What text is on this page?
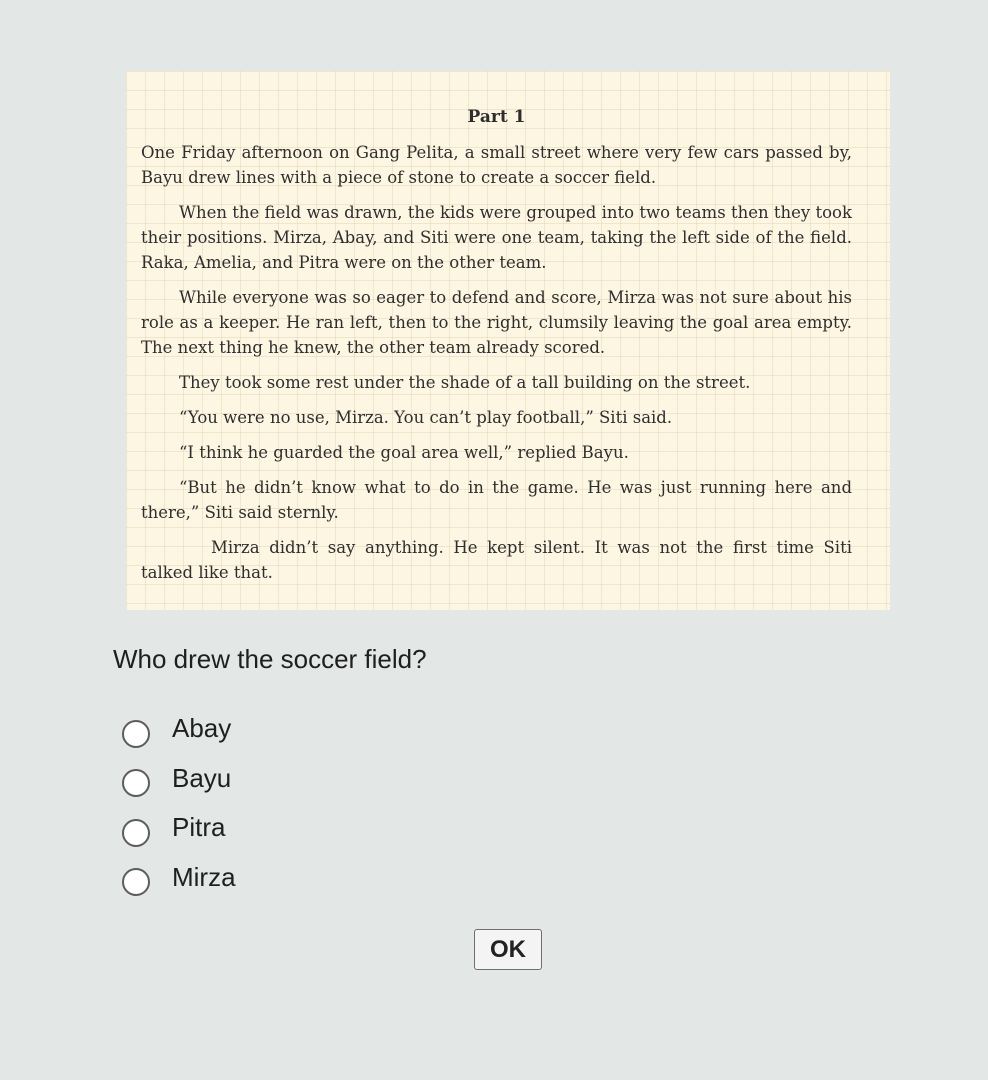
Part 1

One Friday afternoon on Gang Pelita, a small street where very few cars passed by, Bayu drew lines with a piece of stone to create a soccer field.

When the field was drawn, the kids were grouped into two teams then they took their positions. Mirza, Abay, and Siti were one team, taking the left side of the field. Raka, Amelia, and Pitra were on the other team.

While everyone was so eager to defend and score, Mirza was not sure about his role as a keeper. He ran left, then to the right, clumsily leaving the goal area empty. The next thing he knew, the other team already scored.

They took some rest under the shade of a tall building on the street.

“You were no use, Mirza. You can’t play football,” Siti said.

“I think he guarded the goal area well,” replied Bayu.

“But he didn’t know what to do in the game. He was just running here and there,” Siti said sternly.

Mirza didn’t say anything. He kept silent. It was not the first time Siti talked like that.

Who drew the soccer field?
Abay
Bayu
Pitra
Mirza
OK
